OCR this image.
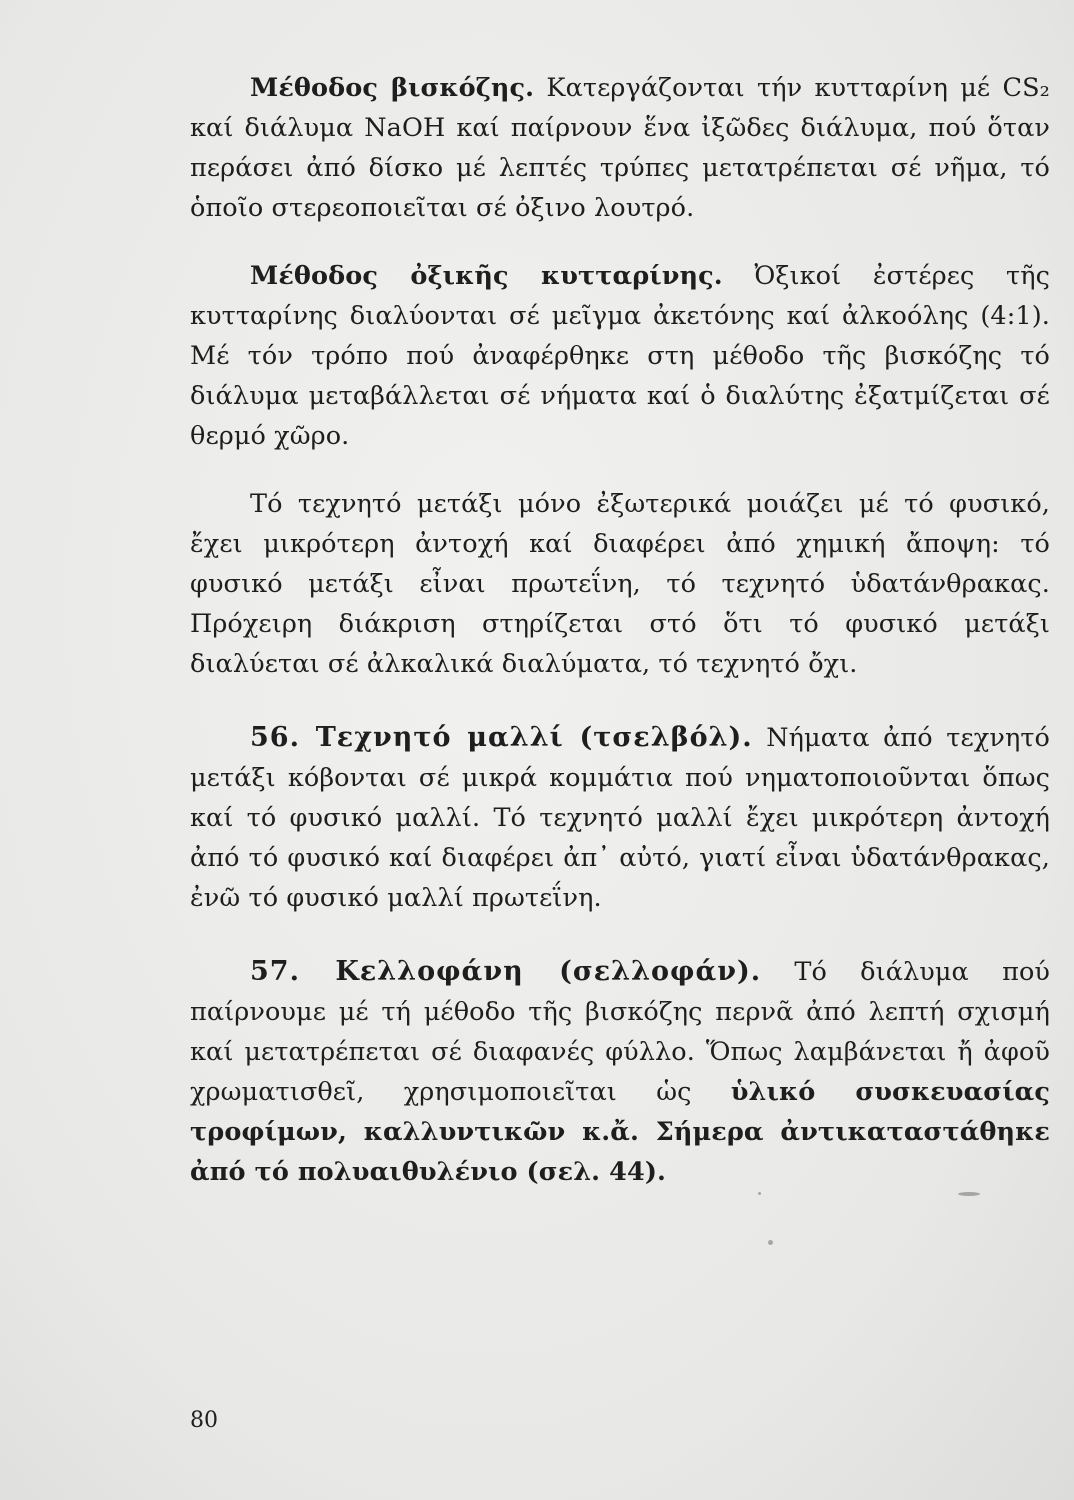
Μέθοδος βισκόζης. Κατεργάζονται τήν κυτταρίνη μέ CS₂ καί διάλυμα NaOH καί παίρνουν ἕνα ἰξῶδες διάλυμα, πού ὅταν περάσει ἀπό δίσκο μέ λεπτές τρύπες μετατρέπεται σέ νῆμα, τό ὁποῖο στερεοποιεῖται σέ ὀξινο λουτρό.

Μέθοδος ὀξικῆς κυτταρίνης. Ὀξικοί ἐστέρες τῆς κυτταρίνης διαλύονται σέ μεῖγμα ἀκετόνης καί ἀλκοόλης (4:1). Μέ τόν τρόπο πού ἀναφέρθηκε στη μέθοδο τῆς βισκόζης τό διάλυμα μεταβάλλεται σέ νήματα καί ὁ διαλύτης ἐξατμίζεται σέ θερμό χῶρο.

Τό τεχνητό μετάξι μόνο ἐξωτερικά μοιάζει μέ τό φυσικό, ἔχει μικρότερη ἀντοχή καί διαφέρει ἀπό χημική ἄποψη: τό φυσικό μετάξι εἶναι πρωτεΐνη, τό τεχνητό ὑδατάνθρακας. Πρόχειρη διάκριση στηρίζεται στό ὅτι τό φυσικό μετάξι διαλύεται σέ ἀλκαλικά διαλύματα, τό τεχνητό ὄχι.

56. Τεχνητό μαλλί (τσελβόλ). Νήματα ἀπό τεχνητό μετάξι κόβονται σέ μικρά κομμάτια πού νηματοποιοῦνται ὅπως καί τό φυσικό μαλλί. Τό τεχνητό μαλλί ἔχει μικρότερη ἀντοχή ἀπό τό φυσικό καί διαφέρει ἀπ᾽ αὐτό, γιατί εἶναι ὑδατάνθρακας, ἐνῶ τό φυσικό μαλλί πρωτεΐνη.

57. Κελλοφάνη (σελλοφάν). Τό διάλυμα πού παίρνουμε μέ τή μέθοδο τῆς βισκόζης περνᾶ ἀπό λεπτή σχισμή καί μετατρέπεται σέ διαφανές φύλλο. Ὅπως λαμβάνεται ἤ ἀφοῦ χρωματισθεῖ, χρησιμοποιεῖται ὡς ὑλικό συσκευασίας τροφίμων, καλλυντικῶν κ.ἄ. Σήμερα ἀντικαταστάθηκε ἀπό τό πολυαιθυλένιο (σελ. 44).

80
